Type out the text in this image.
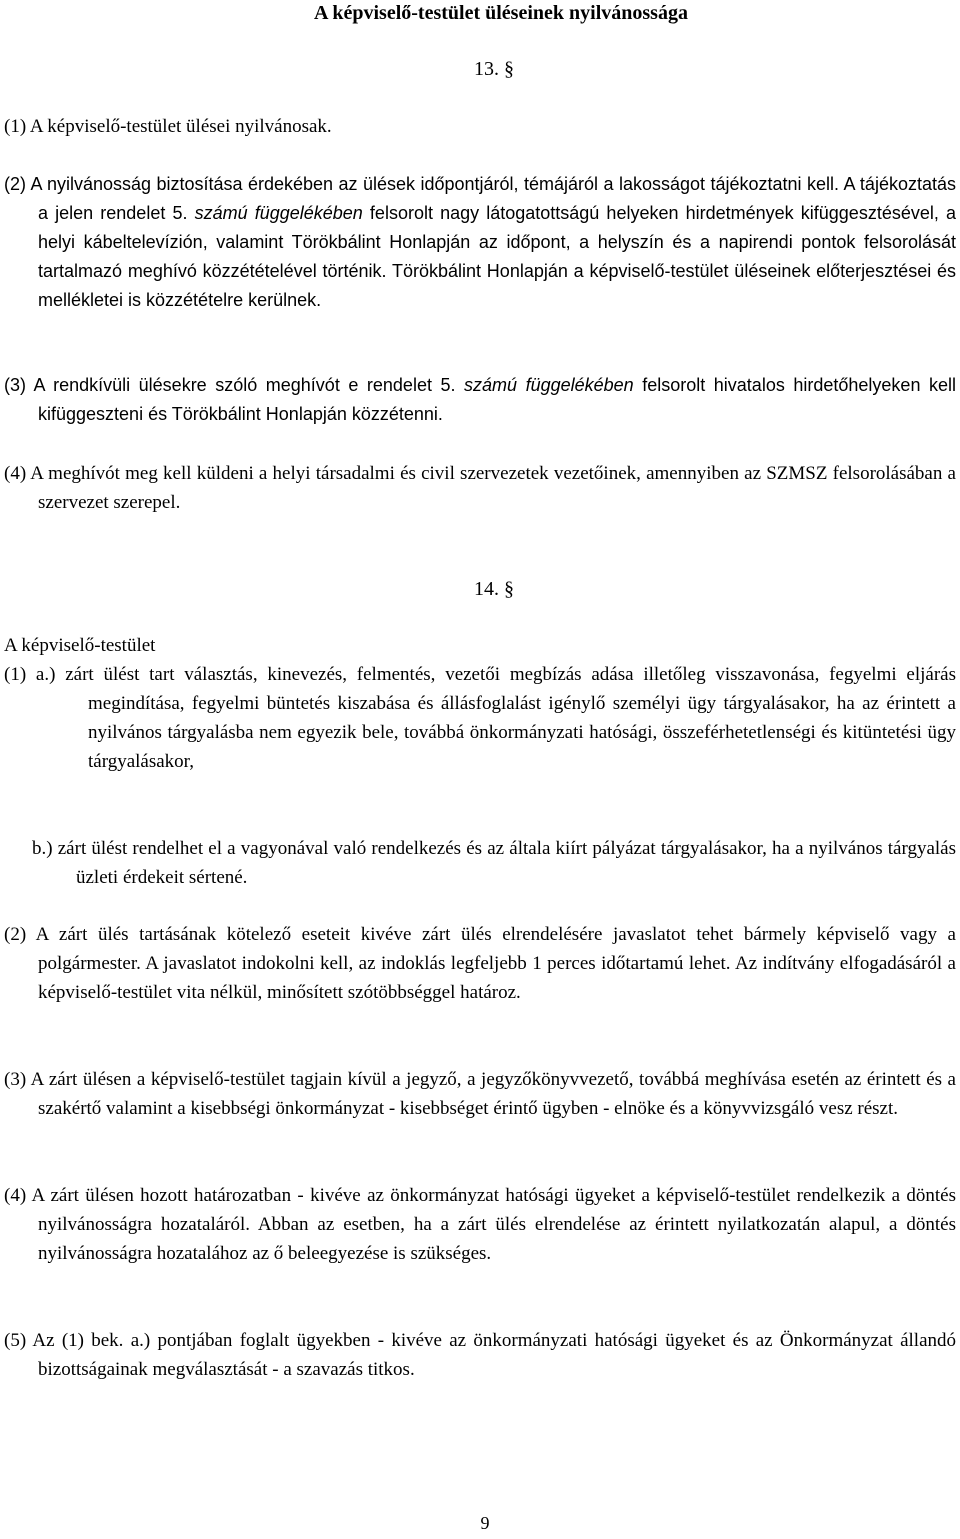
A képviselő-testület üléseinek nyilvánossága
13. §

(1) A képviselő-testület ülései nyilvánosak.

(2) A nyilvánosság biztosítása érdekében az ülések időpontjáról, témájáról a lakosságot tájékoztatni kell. A tájékoztatás a jelen rendelet 5. számú függelékében felsorolt nagy látogatottságú helyeken hirdetmények kifüggesztésével, a helyi kábeltelevízión, valamint Törökbálint Honlapján az időpont, a helyszín és a napirendi pontok felsorolását tartalmazó meghívó közzétételével történik. Törökbálint Honlapján a képviselő-testület üléseinek előterjesztései és mellékletei is közzétételre kerülnek.

(3) A rendkívüli ülésekre szóló meghívót e rendelet 5. számú függelékében felsorolt hivatalos hirdetőhelyeken kell kifüggeszteni és Törökbálint Honlapján közzétenni.

(4) A meghívót meg kell küldeni a helyi társadalmi és civil szervezetek vezetőinek, amennyiben az SZMSZ felsorolásában a szervezet szerepel.

14. §

A képviselő-testület

(1) a.) zárt ülést tart választás, kinevezés, felmentés, vezetői megbízás adása illetőleg visszavonása, fegyelmi eljárás megindítása, fegyelmi büntetés kiszabása és állásfoglalást igénylő személyi ügy tárgyalásakor, ha az érintett a nyilvános tárgyalásba nem egyezik bele, továbbá önkormányzati hatósági, összeférhetetlenségi és kitüntetési ügy tárgyalásakor,

b.) zárt ülést rendelhet el a vagyonával való rendelkezés és az általa kiírt pályázat tárgyalásakor, ha a nyilvános tárgyalás üzleti érdekeit sértené.

(2) A zárt ülés tartásának kötelező eseteit kivéve zárt ülés elrendelésére javaslatot tehet bármely képviselő vagy a polgármester. A javaslatot indokolni kell, az indoklás legfeljebb 1 perces időtartamú lehet. Az indítvány elfogadásáról a képviselő-testület vita nélkül, minősített szótöbbséggel határoz.

(3) A zárt ülésen a képviselő-testület tagjain kívül a jegyző, a jegyzőkönyvvezető, továbbá meghívása esetén az érintett és a szakértő valamint a kisebbségi önkormányzat - kisebbséget érintő ügyben - elnöke és a könyvvizsgáló vesz részt.

(4) A zárt ülésen hozott határozatban - kivéve az önkormányzat hatósági ügyeket a képviselő-testület rendelkezik a döntés nyilvánosságra hozataláról. Abban az esetben, ha a zárt ülés elrendelése az érintett nyilatkozatán alapul, a döntés nyilvánosságra hozatalához az ő beleegyezése is szükséges.

(5) Az (1) bek. a.) pontjában foglalt ügyekben - kivéve az önkormányzati hatósági ügyeket és az Önkormányzat állandó bizottságainak megválasztását - a szavazás titkos.

9
